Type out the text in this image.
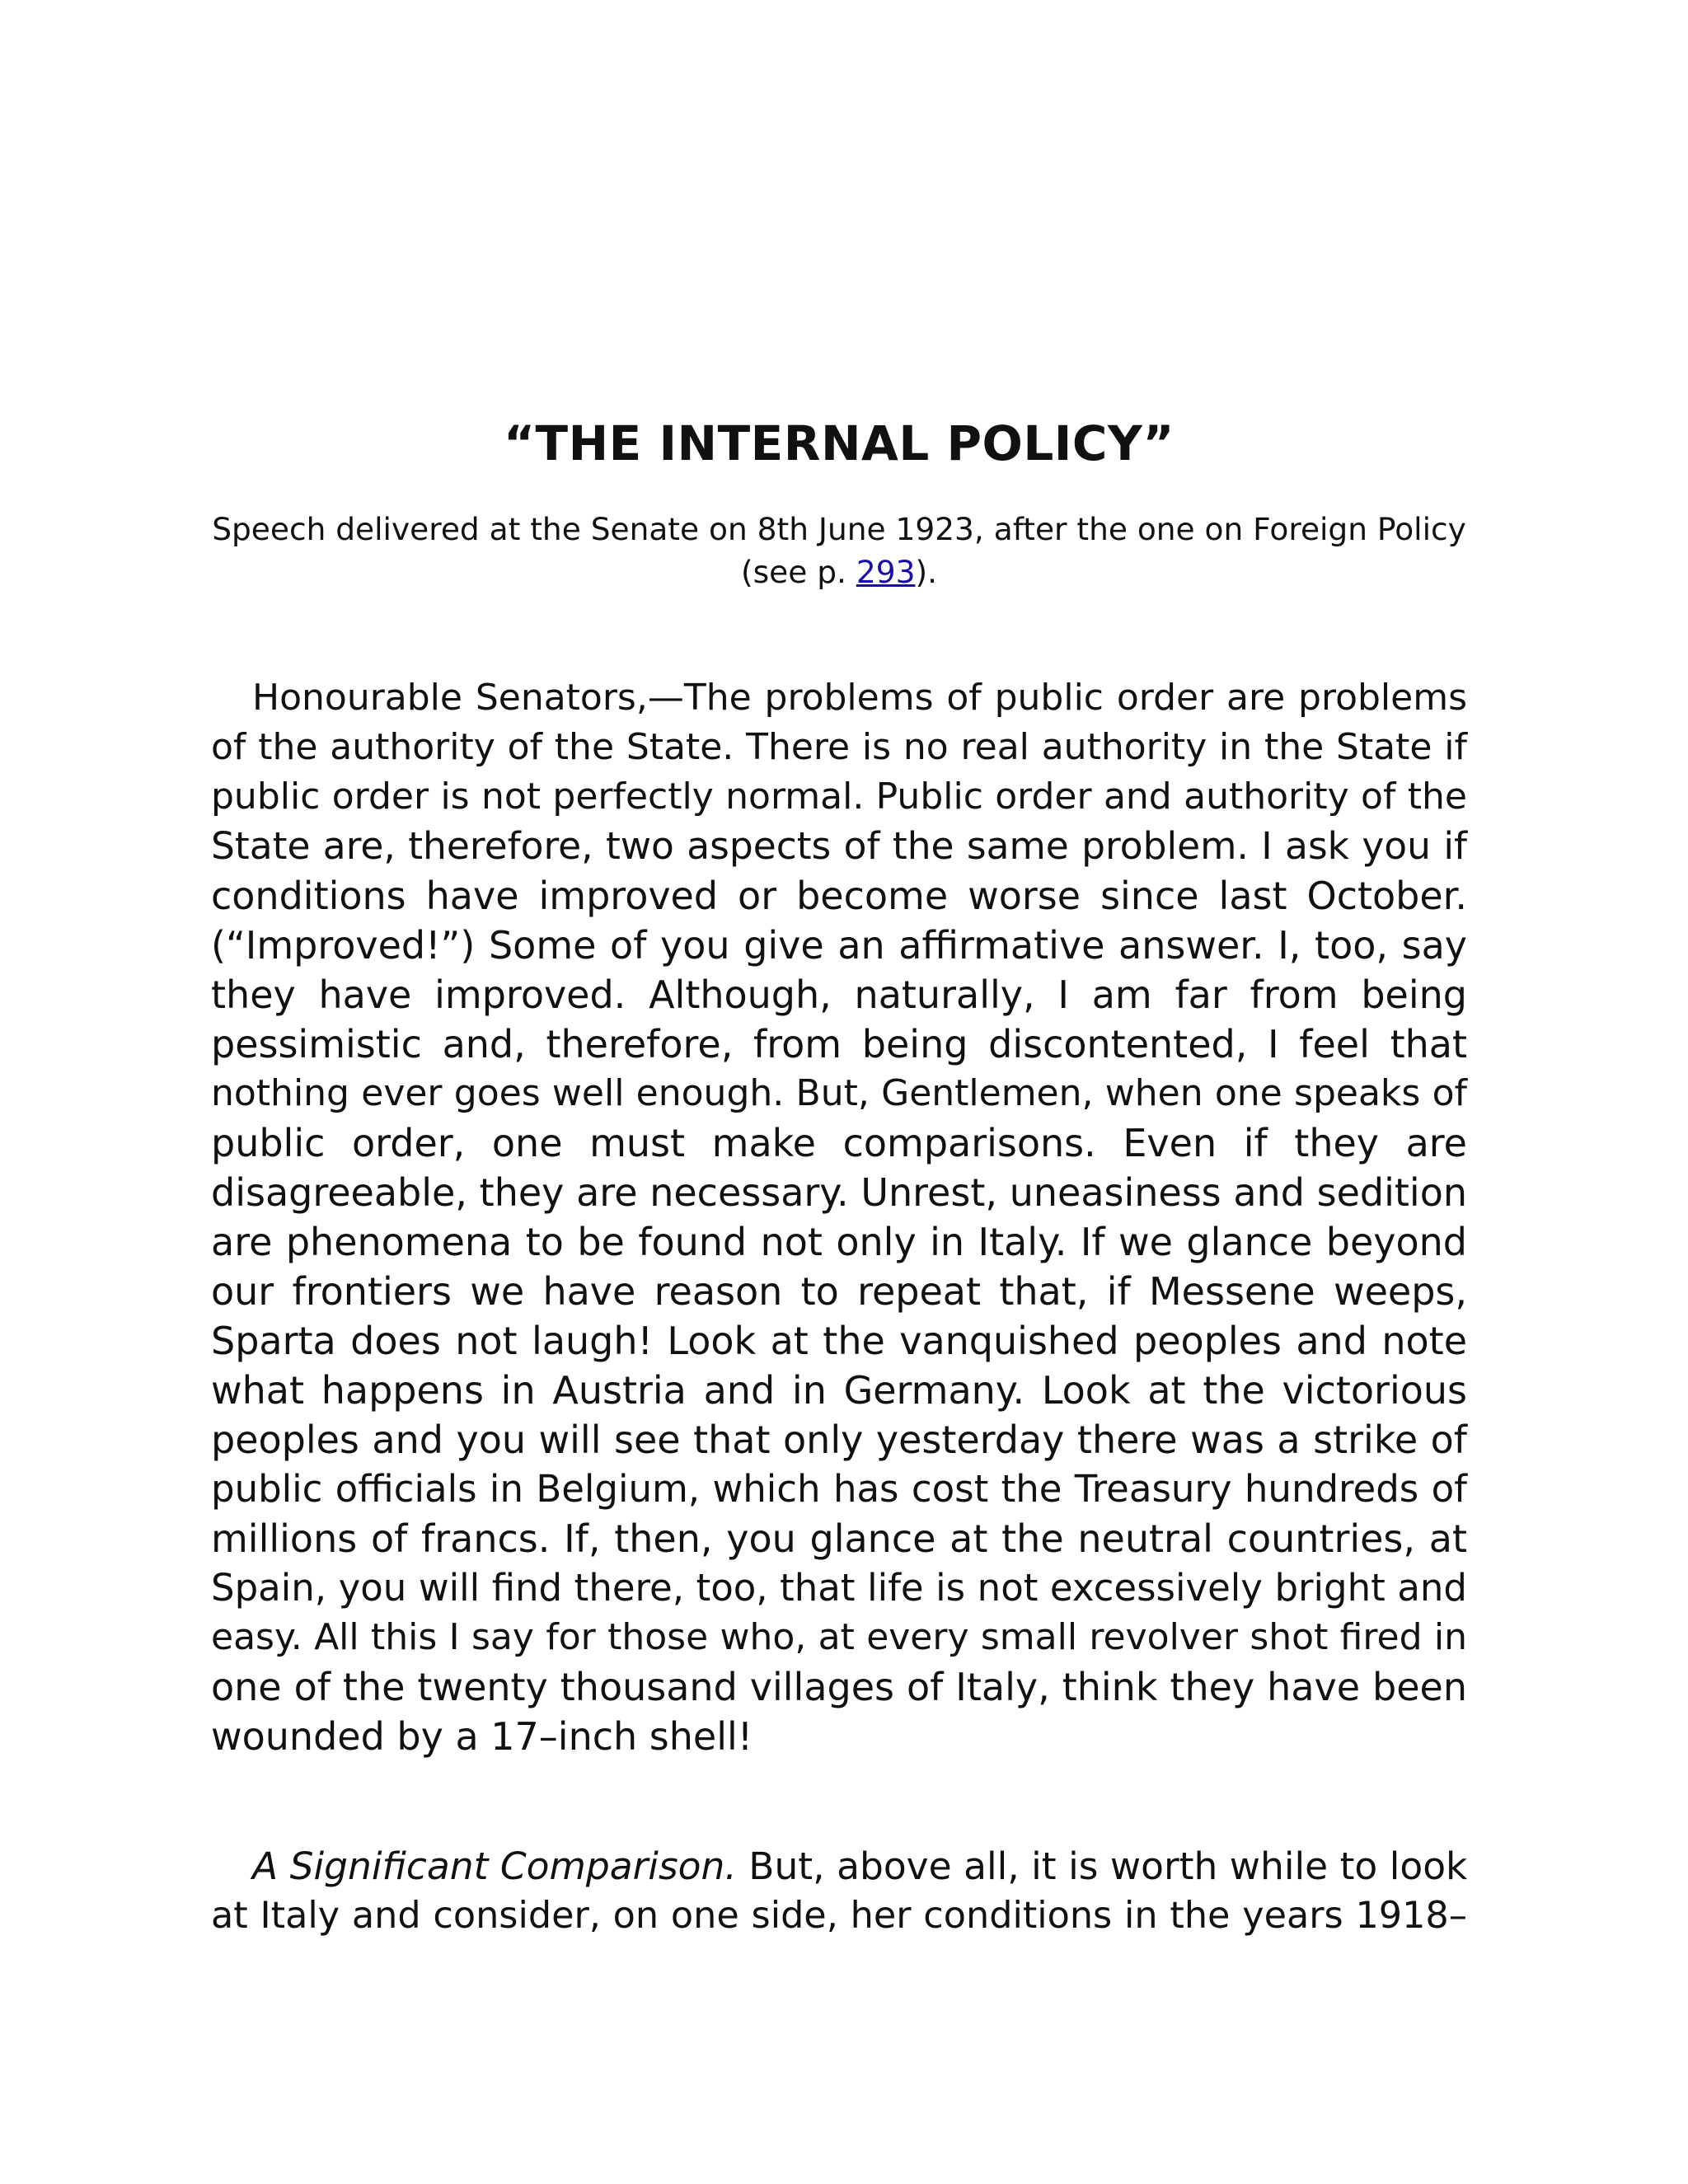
“THE INTERNAL POLICY”

Speech delivered at the Senate on 8th June 1923, after the one on Foreign Policy (see p. 293).

Honourable Senators,—The problems of public order are problems
of the authority of the State. There is no real authority in the State if
public order is not perfectly normal. Public order and authority of the
State are, therefore, two aspects of the same problem. I ask you if
conditions have improved or become worse since last October.
(“Improved!”) Some of you give an affirmative answer. I, too, say
they have improved. Although, naturally, I am far from being
pessimistic and, therefore, from being discontented, I feel that
nothing ever goes well enough. But, Gentlemen, when one speaks of
public order, one must make comparisons. Even if they are
disagreeable, they are necessary. Unrest, uneasiness and sedition
are phenomena to be found not only in Italy. If we glance beyond
our frontiers we have reason to repeat that, if Messene weeps,
Sparta does not laugh! Look at the vanquished peoples and note
what happens in Austria and in Germany. Look at the victorious
peoples and you will see that only yesterday there was a strike of
public officials in Belgium, which has cost the Treasury hundreds of
millions of francs. If, then, you glance at the neutral countries, at
Spain, you will find there, too, that life is not excessively bright and
easy. All this I say for those who, at every small revolver shot fired in
one of the twenty thousand villages of Italy, think they have been
wounded by a 17–inch shell!
A Significant Comparison. But, above all, it is worth while to look
at Italy and consider, on one side, her conditions in the years 1918–
